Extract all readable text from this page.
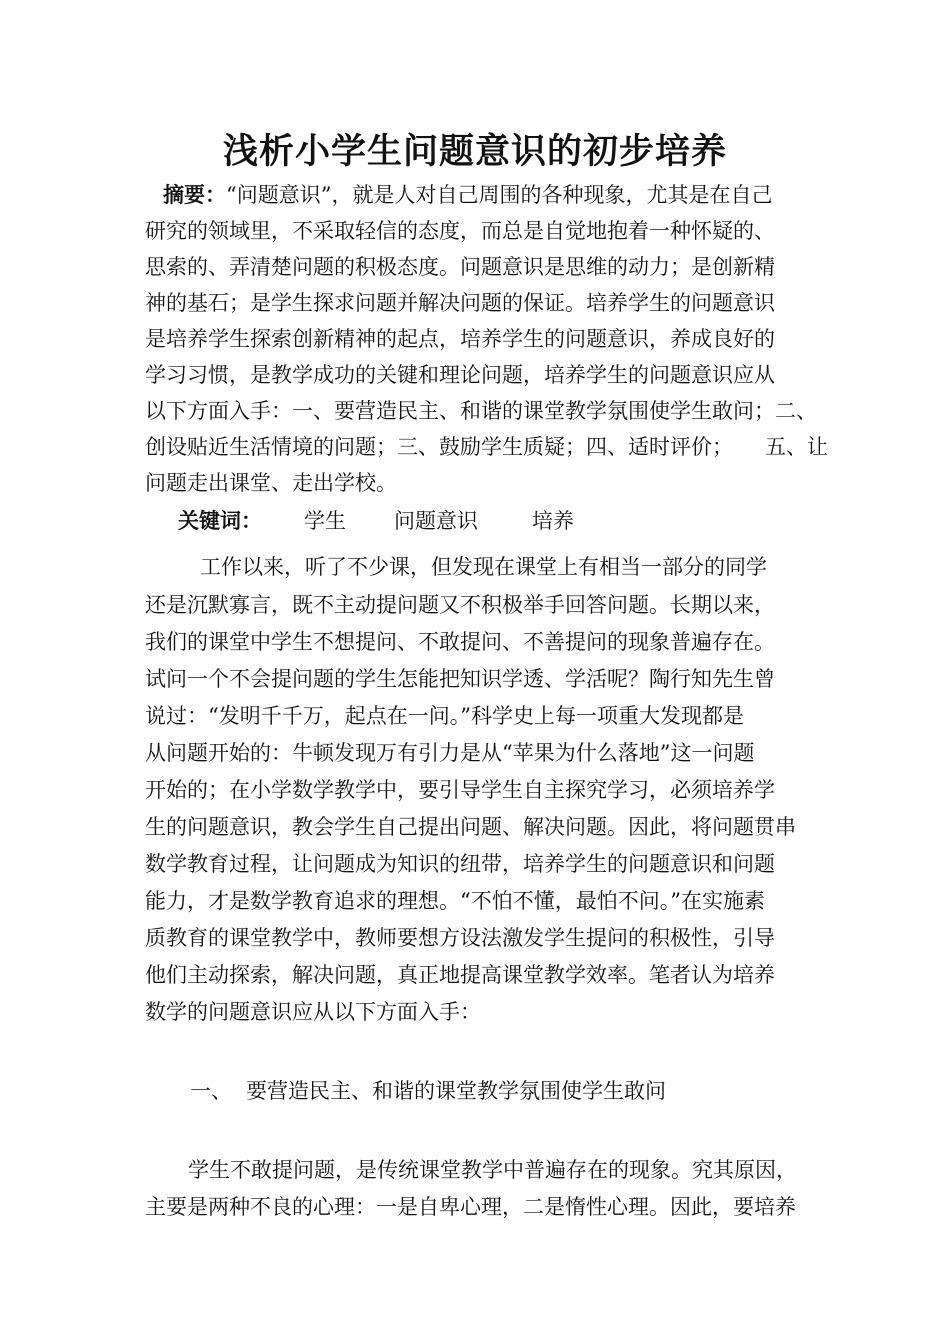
浅析小学生问题意识的初步培养
摘要：“问题意识”，就是人对自己周围的各种现象，尤其是在自己
研究的领域里，不采取轻信的态度，而总是自觉地抱着一种怀疑的、
思索的、弄清楚问题的积极态度。问题意识是思维的动力；是创新精
神的基石；是学生探求问题并解决问题的保证。培养学生的问题意识
是培养学生探索创新精神的起点，培养学生的问题意识，养成良好的
学习习惯，是教学成功的关键和理论问题，培养学生的问题意识应从
以下方面入手：一、要营造民主、和谐的课堂教学氛围使学生敢问；二、
创设贴近生活情境的问题；三、鼓励学生质疑；四、适时评价； 五、让
问题走出课堂、走出学校。
关键词： 学生 问题意识	培养
工作以来，听了不少课，但发现在课堂上有相当一部分的同学
还是沉默寡言，既不主动提问题又不积极举手回答问题。长期以来，
我们的课堂中学生不想提问、不敢提问、不善提问的现象普遍存在。
试问一个不会提问题的学生怎能把知识学透、学活呢？陶行知先生曾
说过：“发明千千万，起点在一问。”科学史上每一项重大发现都是
从问题开始的：牛顿发现万有引力是从“苹果为什么落地”这一问题
开始的；在小学数学教学中，要引导学生自主探究学习，必须培养学
生的问题意识，教会学生自己提出问题、解决问题。因此，将问题贯串
数学教育过程，让问题成为知识的纽带，培养学生的问题意识和问题
能力，才是数学教育追求的理想。“不怕不懂，最怕不问。”在实施素
质教育的课堂教学中，教师要想方设法激发学生提问的积极性，引导
他们主动探索，解决问题，真正地提高课堂教学效率。笔者认为培养
数学的问题意识应从以下方面入手：
一、 要营造民主、和谐的课堂教学氛围使学生敢问
学生不敢提问题，是传统课堂教学中普遍存在的现象。究其原因，
主要是两种不良的心理：一是自卑心理，二是惰性心理。因此，要培养
